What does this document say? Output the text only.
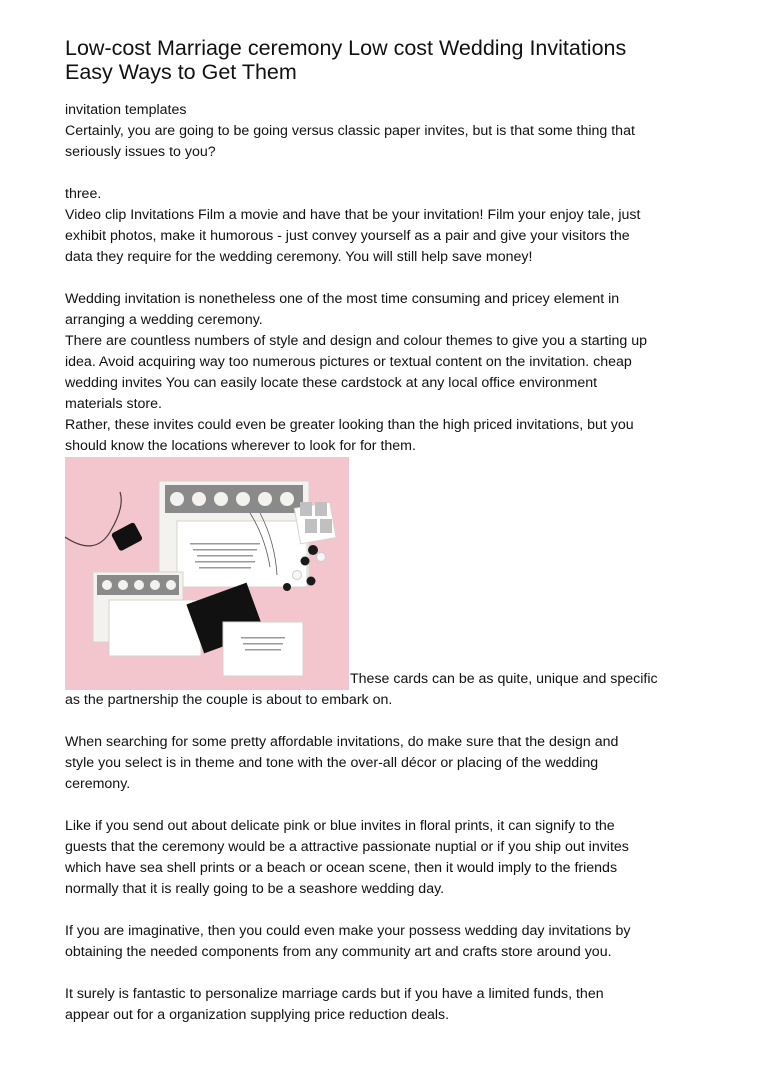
Low-cost Marriage ceremony Low cost Wedding Invitations
Easy Ways to Get Them
invitation templates
Certainly, you are going to be going versus classic paper invites, but is that some thing that
seriously issues to you?
three.
Video clip Invitations Film a movie and have that be your invitation! Film your enjoy tale, just
exhibit photos, make it humorous - just convey yourself as a pair and give your visitors the
data they require for the wedding ceremony. You will still help save money!
Wedding invitation is nonetheless one of the most time consuming and pricey element in
arranging a wedding ceremony.
There are countless numbers of style and design and colour themes to give you a starting up
idea. Avoid acquiring way too numerous pictures or textual content on the invitation. cheap
wedding invites You can easily locate these cardstock at any local office environment
materials store.
Rather, these invites could even be greater looking than the high priced invitations, but you
should know the locations wherever to look for for them.
These cards can be as quite, unique and specific
as the partnership the couple is about to embark on.
When searching for some pretty affordable invitations, do make sure that the design and
style you select is in theme and tone with the over-all décor or placing of the wedding
ceremony.
Like if you send out about delicate pink or blue invites in floral prints, it can signify to the
guests that the ceremony would be a attractive passionate nuptial or if you ship out invites
which have sea shell prints or a beach or ocean scene, then it would imply to the friends
normally that it is really going to be a seashore wedding day.
If you are imaginative, then you could even make your possess wedding day invitations by
obtaining the needed components from any community art and crafts store around you.
It surely is fantastic to personalize marriage cards but if you have a limited funds, then
appear out for a organization supplying price reduction deals.
